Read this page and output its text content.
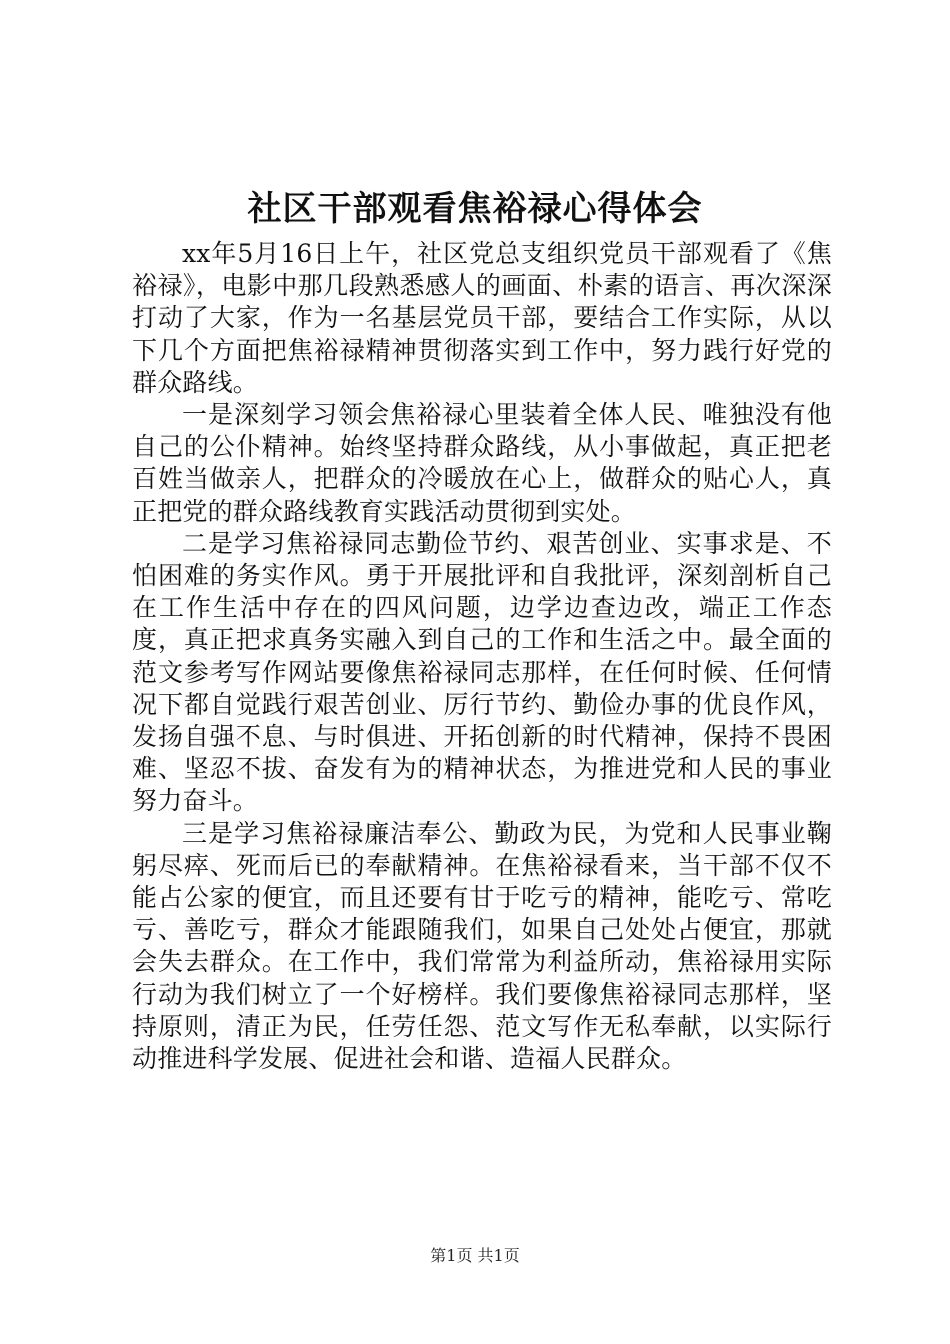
社区干部观看焦裕禄心得体会

xx年5月16日上午，社区党总支组织党员干部观看了《焦裕禄》，电影中那几段熟悉感人的画面、朴素的语言、再次深深打动了大家，作为一名基层党员干部，要结合工作实际，从以下几个方面把焦裕禄精神贯彻落实到工作中，努力践行好党的群众路线。

一是深刻学习领会焦裕禄心里装着全体人民、唯独没有他自己的公仆精神。始终坚持群众路线，从小事做起，真正把老百姓当做亲人，把群众的冷暖放在心上，做群众的贴心人，真正把党的群众路线教育实践活动贯彻到实处。

二是学习焦裕禄同志勤俭节约、艰苦创业、实事求是、不怕困难的务实作风。勇于开展批评和自我批评，深刻剖析自己在工作生活中存在的四风问题，边学边查边改，端正工作态度，真正把求真务实融入到自己的工作和生活之中。最全面的范文参考写作网站要像焦裕禄同志那样，在任何时候、任何情况下都自觉践行艰苦创业、厉行节约、勤俭办事的优良作风，发扬自强不息、与时俱进、开拓创新的时代精神，保持不畏困难、坚忍不拔、奋发有为的精神状态，为推进党和人民的事业努力奋斗。

三是学习焦裕禄廉洁奉公、勤政为民，为党和人民事业鞠躬尽瘁、死而后已的奉献精神。在焦裕禄看来，当干部不仅不能占公家的便宜，而且还要有甘于吃亏的精神，能吃亏、常吃亏、善吃亏，群众才能跟随我们，如果自己处处占便宜，那就会失去群众。在工作中，我们常常为利益所动，焦裕禄用实际行动为我们树立了一个好榜样。我们要像焦裕禄同志那样，坚持原则，清正为民，任劳任怨、范文写作无私奉献，以实际行动推进科学发展、促进社会和谐、造福人民群众。

第1页 共1页
